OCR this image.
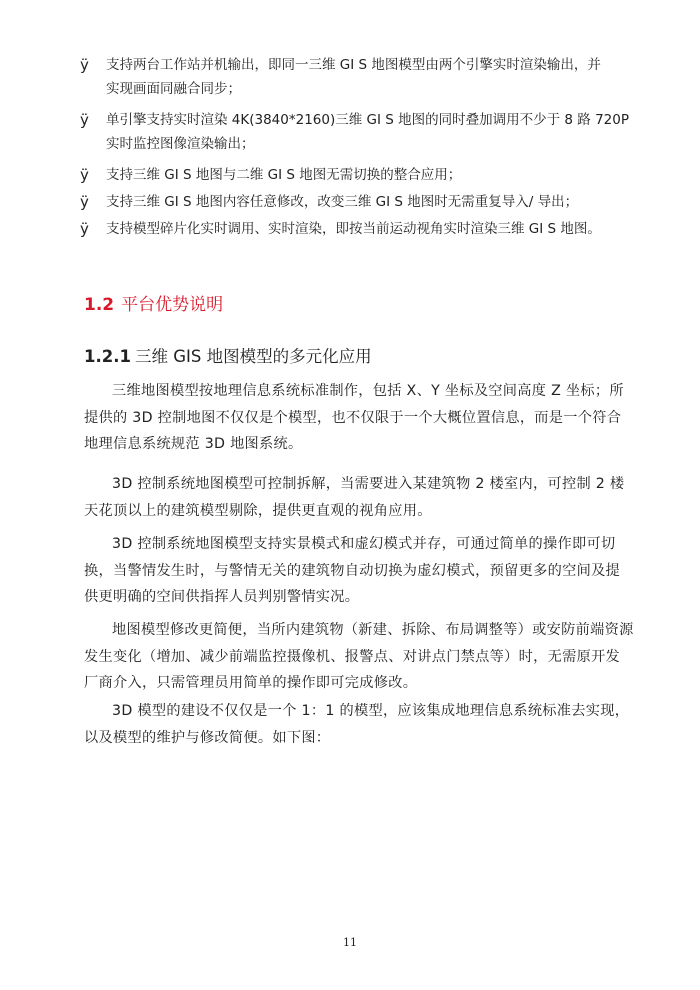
ÿ	支持两台工作站并机输出，即同一三维 GI S 地图模型由两个引擎实时渲染输出，并
实现画面同融合同步；
ÿ	单引擎支持实时渲染 4K(3840*2160)三维 GI S 地图的同时叠加调用不少于 8 路 720P
实时监控图像渲染输出；
ÿ	支持三维 GI S 地图与二维 GI S 地图无需切换的整合应用；
ÿ	支持三维 GI S 地图内容任意修改，改变三维 GI S 地图时无需重复导入/ 导出；
ÿ	支持模型碎片化实时调用、实时渲染，即按当前运动视角实时渲染三维 GI S 地图。
1.2 平台优势说明
1.2.1 三维 GIS 地图模型的多元化应用

三维地图模型按地理信息系统标准制作，包括 X、Y 坐标及空间高度 Z 坐标；所提供的 3D 控制地图不仅仅是个模型，也不仅限于一个大概位置信息，而是一个符合地理信息系统规范 3D 地图系统。

3D 控制系统地图模型可控制拆解，当需要进入某建筑物 2 楼室内，可控制 2 楼天花顶以上的建筑模型剔除，提供更直观的视角应用。

3D 控制系统地图模型支持实景模式和虚幻模式并存，可通过简单的操作即可切换，当警情发生时，与警情无关的建筑物自动切换为虚幻模式，预留更多的空间及提供更明确的空间供指挥人员判别警情实况。

地图模型修改更简便，当所内建筑物（新建、拆除、布局调整等）或安防前端资源发生变化（增加、减少前端监控摄像机、报警点、对讲点门禁点等）时，无需原开发厂商介入，只需管理员用简单的操作即可完成修改。

3D 模型的建设不仅仅是一个 1：1 的模型，应该集成地理信息系统标准去实现，以及模型的维护与修改简便。如下图：

11
